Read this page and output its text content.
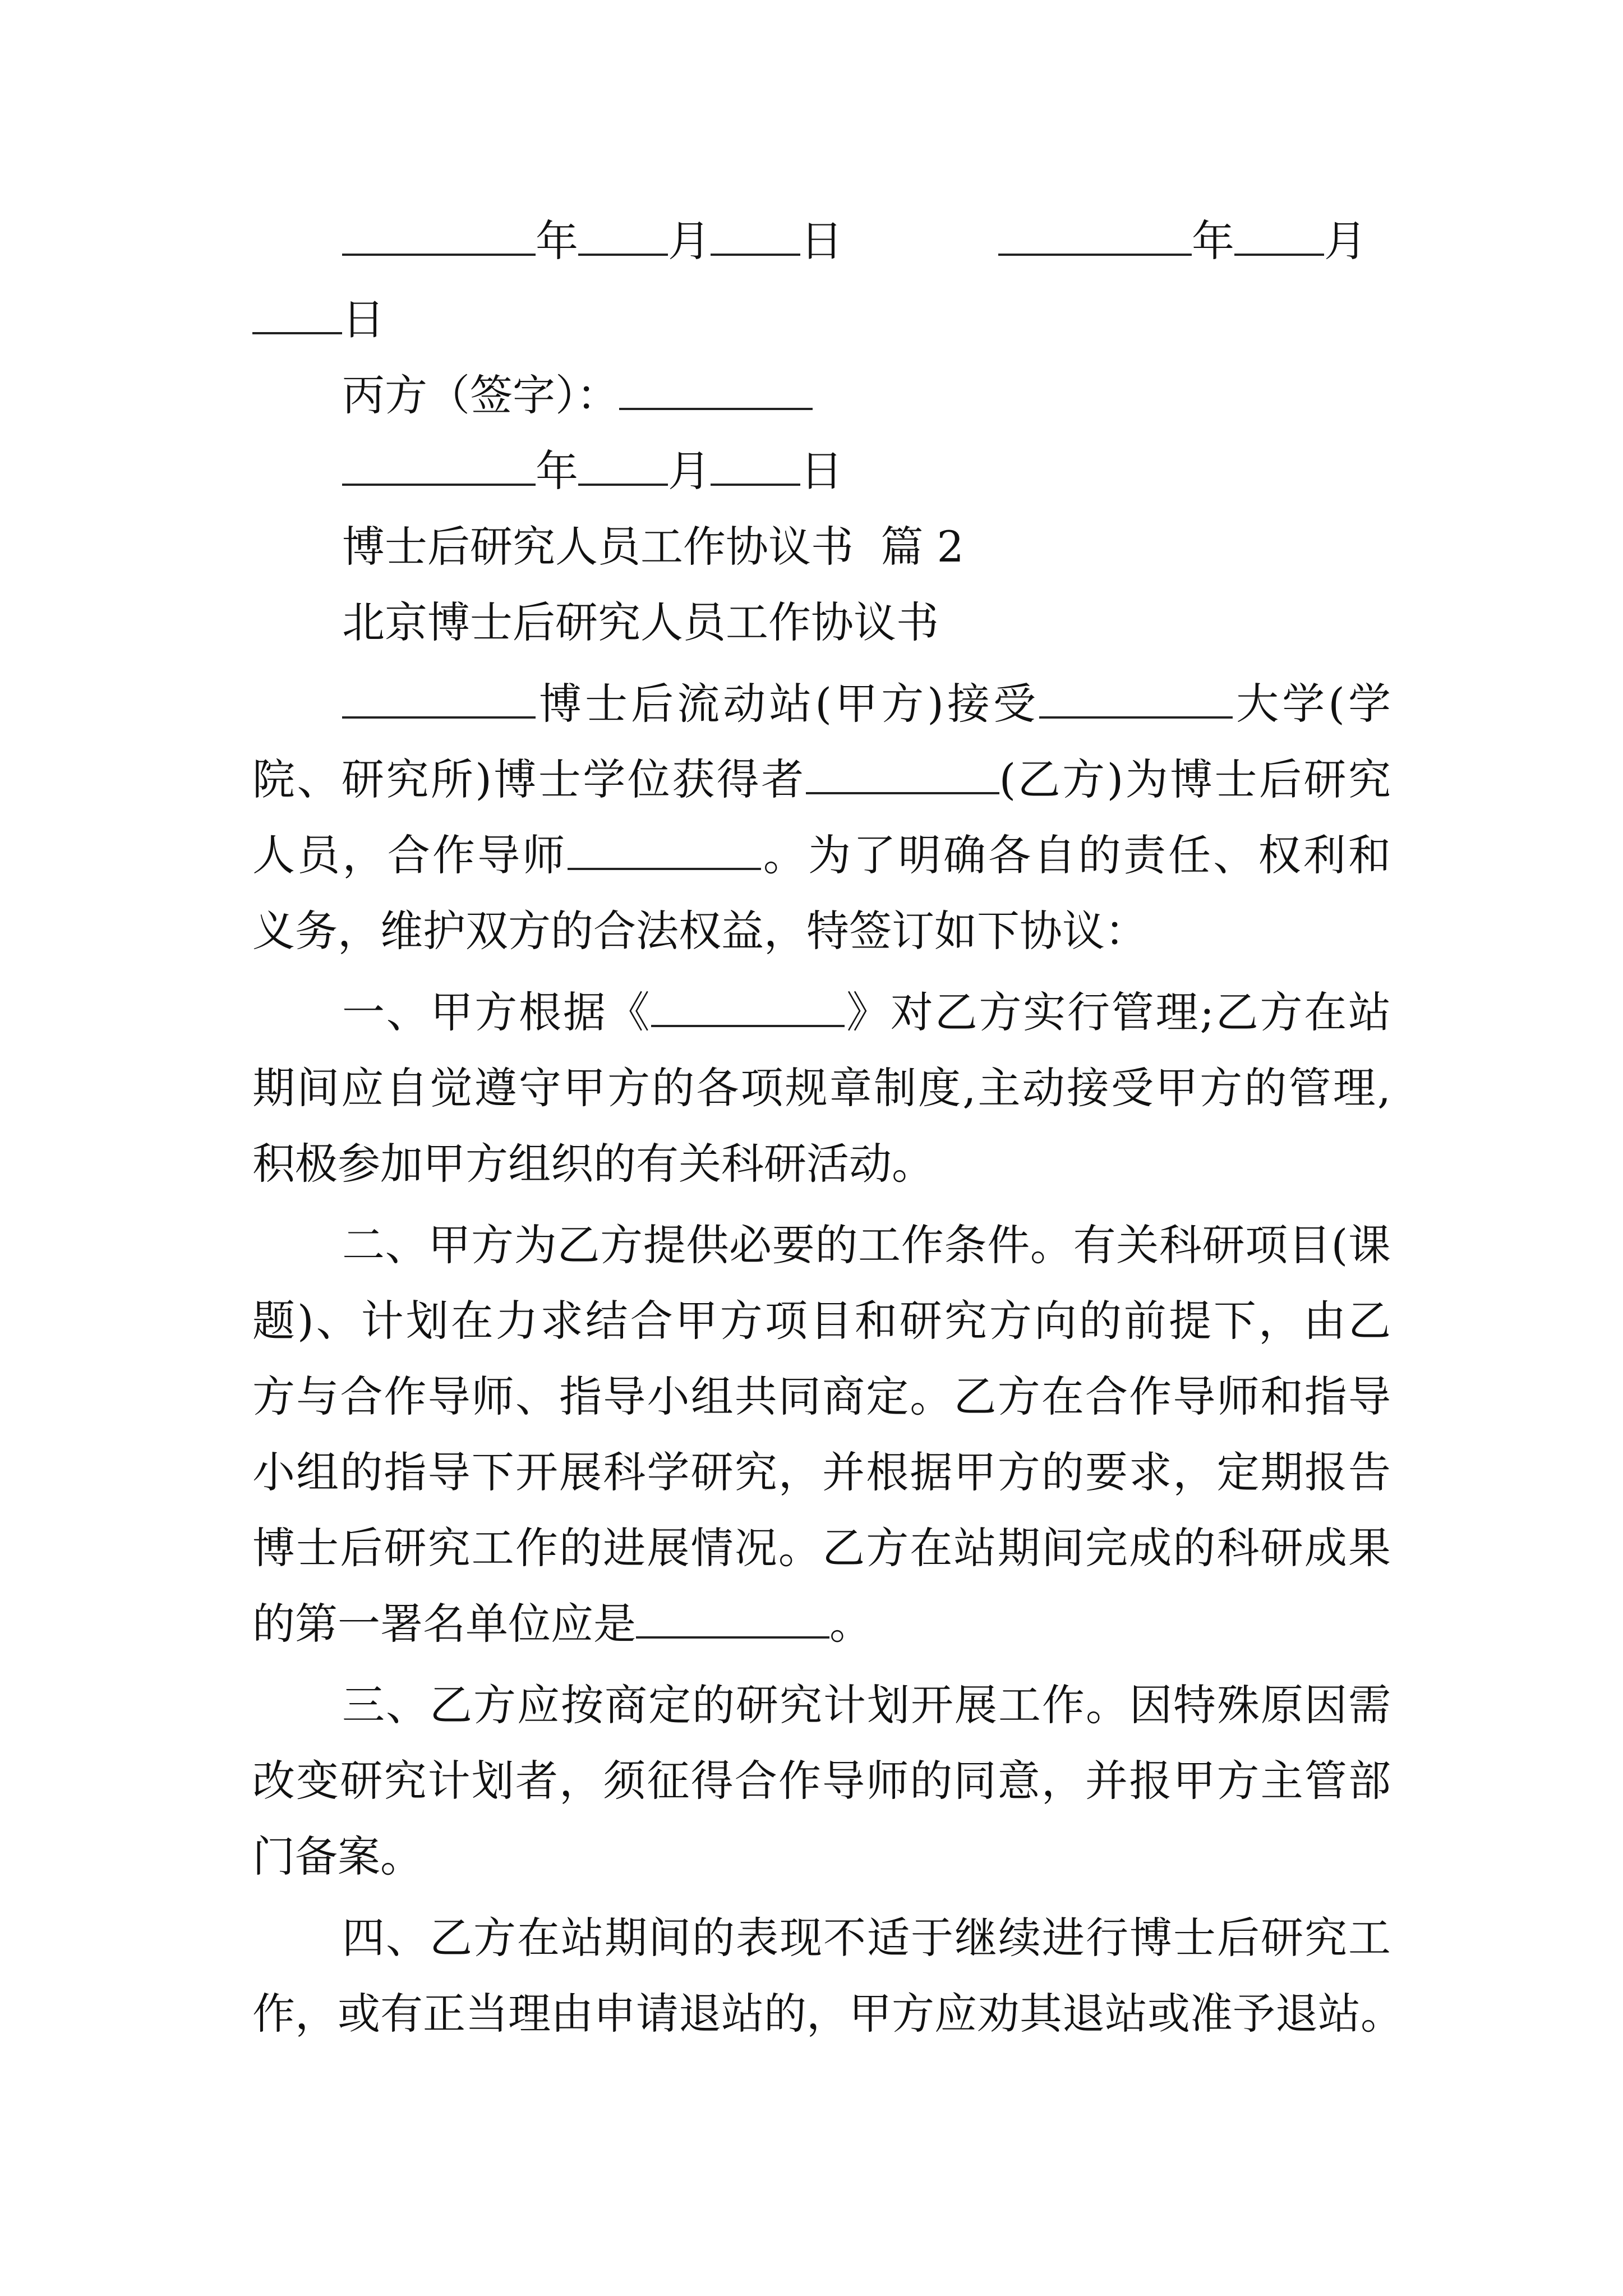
年 月 日	年 月
日
丙方（签字）：
年 月 日
博士后研究人员工作协议书  篇 2
北京博士后研究人员工作协议书
博士后流动站(甲方)接受	大学(学
院、研究所)博士学位获得者	(乙方)为博士后研究
人员，合作导师	。为了明确各自的责任、权利和
义务，维护双方的合法权益，特签订如下协议：
一、甲方根据《	》对乙方实行管理;乙方在站
期间应自觉遵守甲方的各项规章制度,主动接受甲方的管理,
积极参加甲方组织的有关科研活动。
二、甲方为乙方提供必要的工作条件。有关科研项目(课
题)、计划在力求结合甲方项目和研究方向的前提下，由乙
方与合作导师、指导小组共同商定。乙方在合作导师和指导
小组的指导下开展科学研究，并根据甲方的要求，定期报告
博士后研究工作的进展情况。乙方在站期间完成的科研成果
的第一署名单位应是	。
三、乙方应按商定的研究计划开展工作。因特殊原因需
改变研究计划者，须征得合作导师的同意，并报甲方主管部
门备案。
四、乙方在站期间的表现不适于继续进行博士后研究工
作，或有正当理由申请退站的，甲方应劝其退站或准予退站。
